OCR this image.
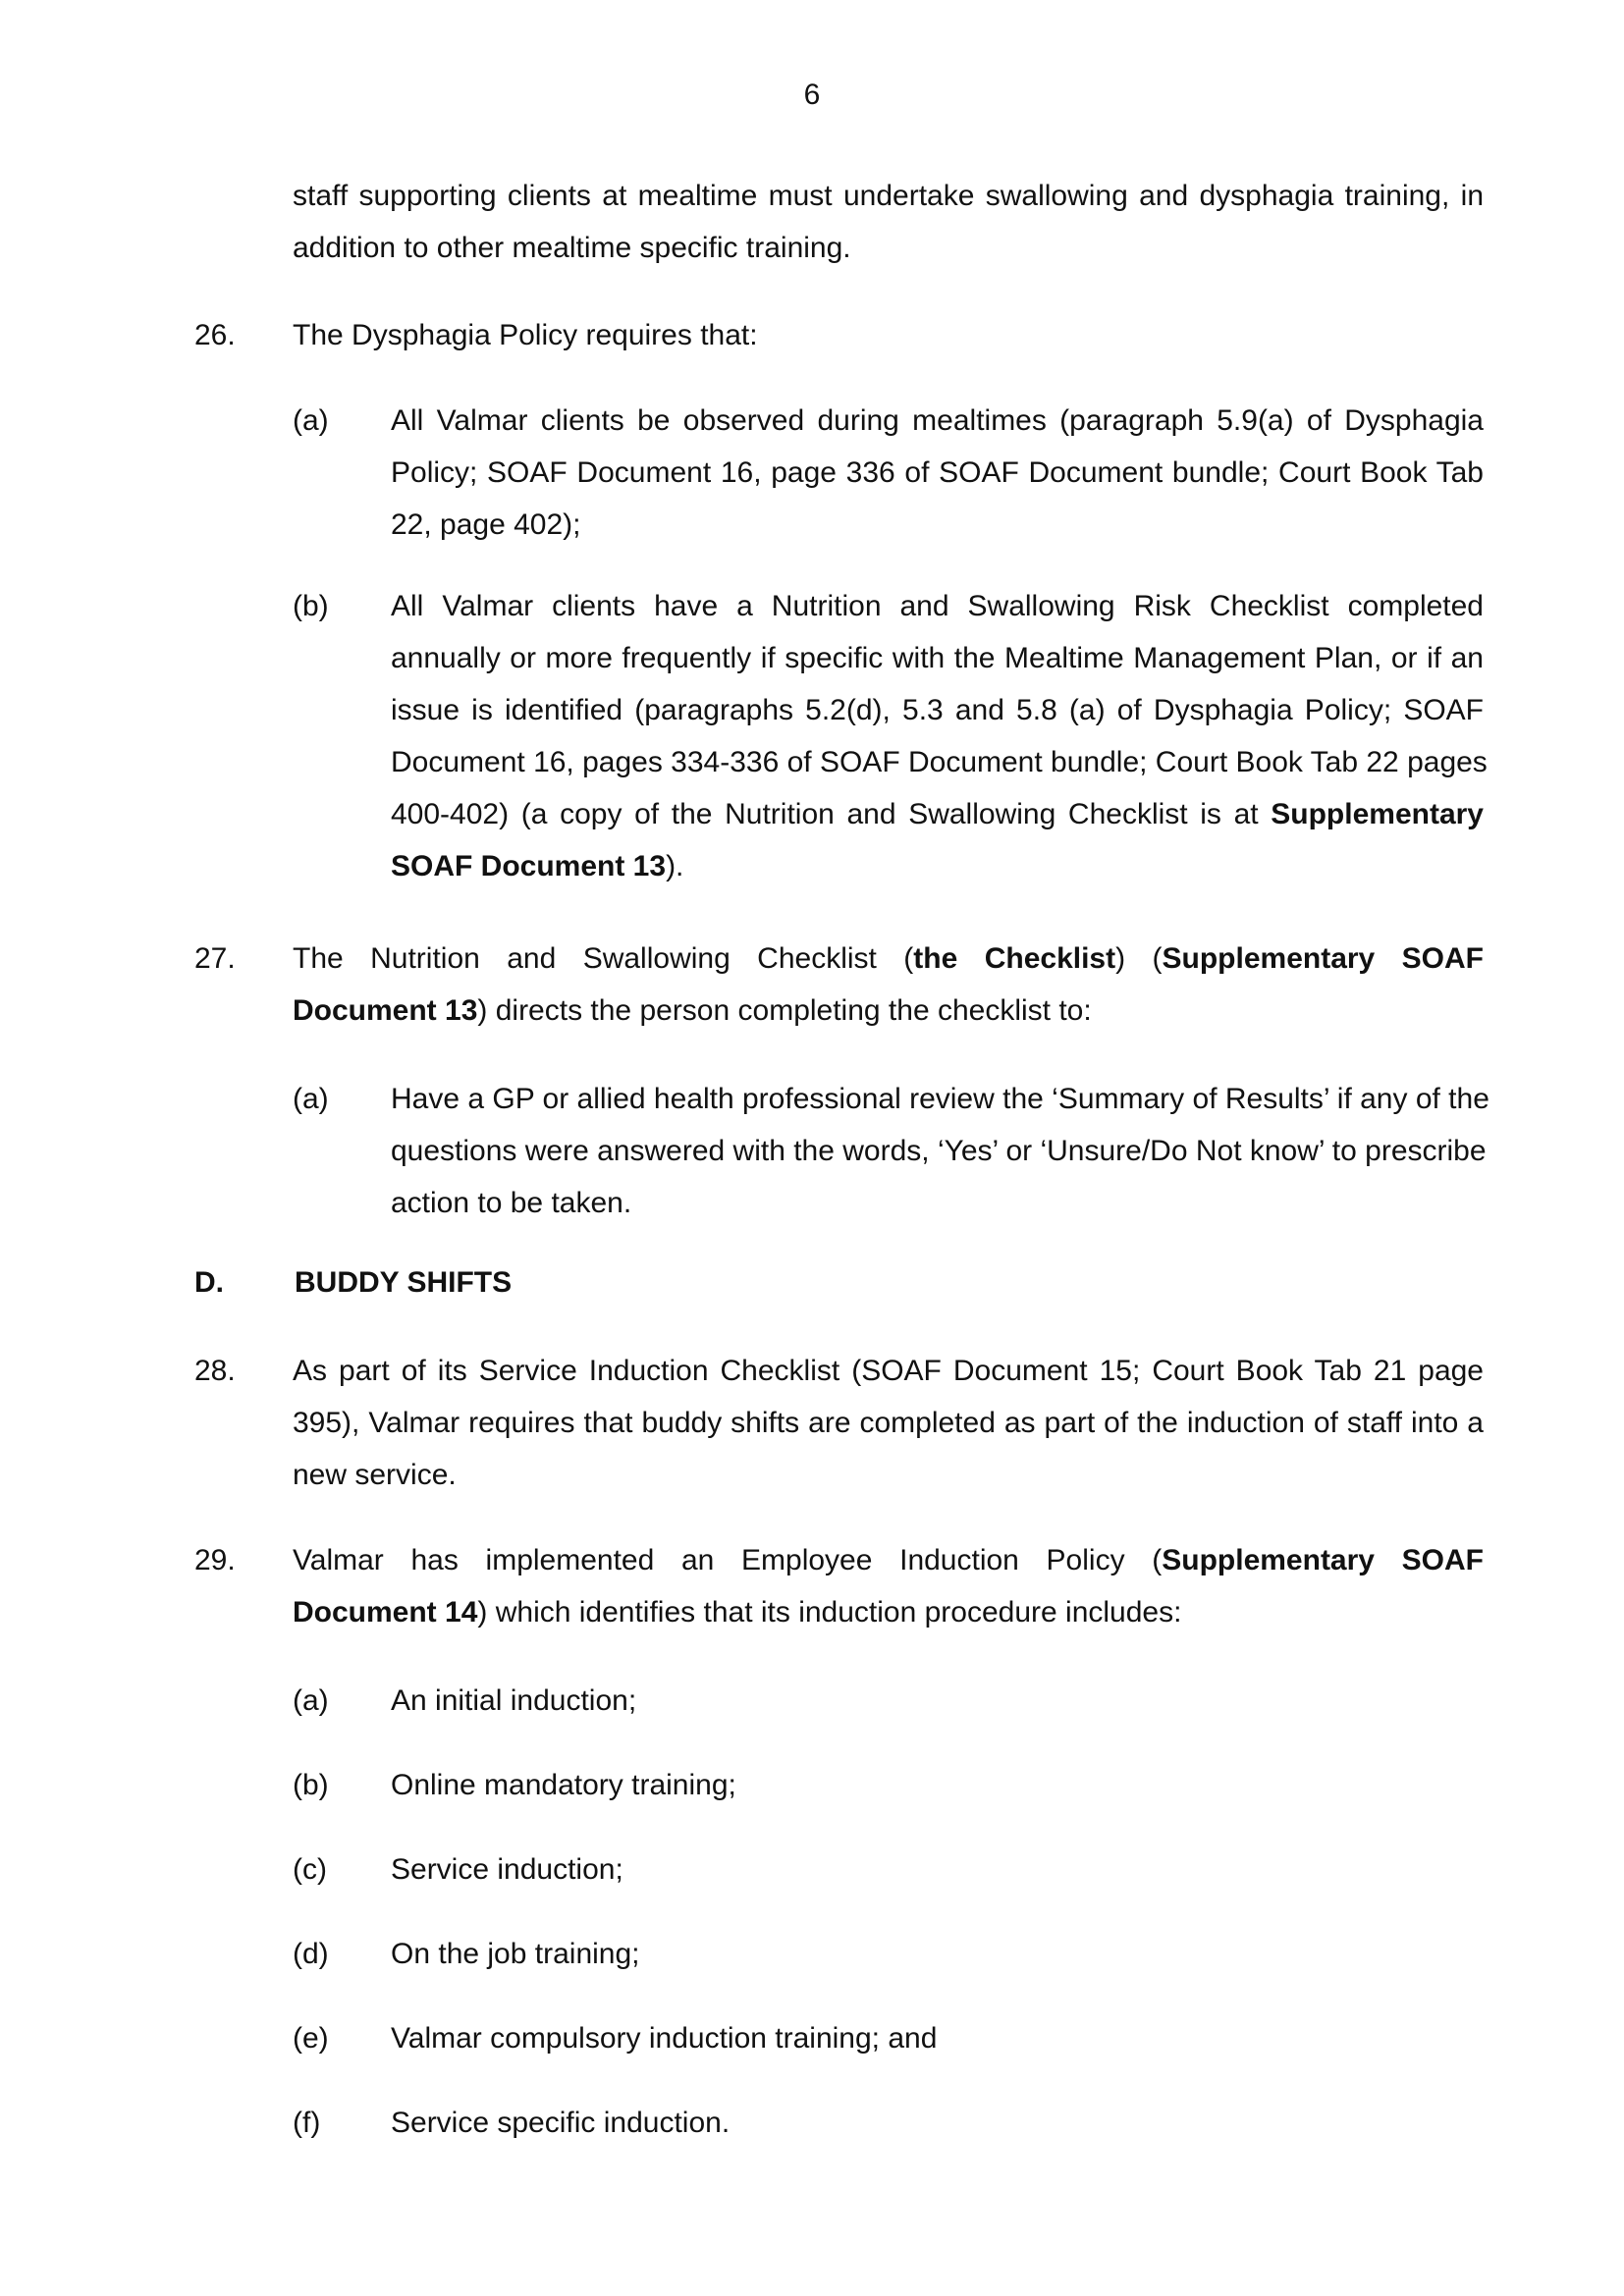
6
staff supporting clients at mealtime must undertake swallowing and dysphagia training, in
addition to other mealtime specific training.
26. The Dysphagia Policy requires that:
(a) All Valmar clients be observed during mealtimes (paragraph 5.9(a) of Dysphagia
Policy; SOAF Document 16, page 336 of SOAF Document bundle; Court Book Tab
22, page 402);
(b) All Valmar clients have a Nutrition and Swallowing Risk Checklist completed
annually or more frequently if specific with the Mealtime Management Plan, or if an
issue is identified (paragraphs 5.2(d), 5.3 and 5.8 (a) of Dysphagia Policy; SOAF
Document 16, pages 334-336 of SOAF Document bundle; Court Book Tab 22 pages
400-402) (a copy of the Nutrition and Swallowing Checklist is at Supplementary
SOAF Document 13).
27. The Nutrition and Swallowing Checklist (the Checklist) (Supplementary SOAF
Document 13) directs the person completing the checklist to:
(a) Have a GP or allied health professional review the ‘Summary of Results’ if any of the
questions were answered with the words, ‘Yes’ or ‘Unsure/Do Not know’ to prescribe
action to be taken.
D. BUDDY SHIFTS
28. As part of its Service Induction Checklist (SOAF Document 15; Court Book Tab 21 page
395), Valmar requires that buddy shifts are completed as part of the induction of staff into a
new service.
29. Valmar has implemented an Employee Induction Policy (Supplementary SOAF
Document 14) which identifies that its induction procedure includes:
(a) An initial induction;
(b) Online mandatory training;
(c) Service induction;
(d) On the job training;
(e) Valmar compulsory induction training; and
(f) Service specific induction.
